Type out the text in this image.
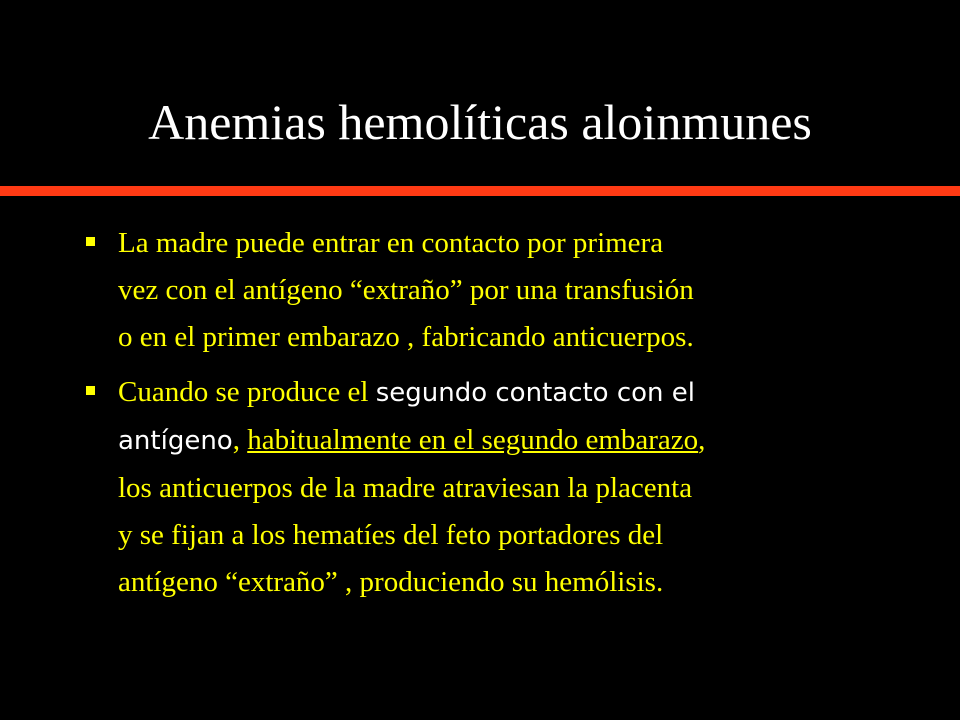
Anemias hemolíticas aloinmunes
La madre puede entrar en contacto por primera
vez con el antígeno “extraño” por una transfusión
o en el primer embarazo , fabricando anticuerpos.
Cuando se produce el segundo contacto con el
antígeno, habitualmente en el segundo embarazo,
los anticuerpos de la madre atraviesan la placenta
y se fijan a los hematíes del feto portadores del
antígeno “extraño” , produciendo su hemólisis.
